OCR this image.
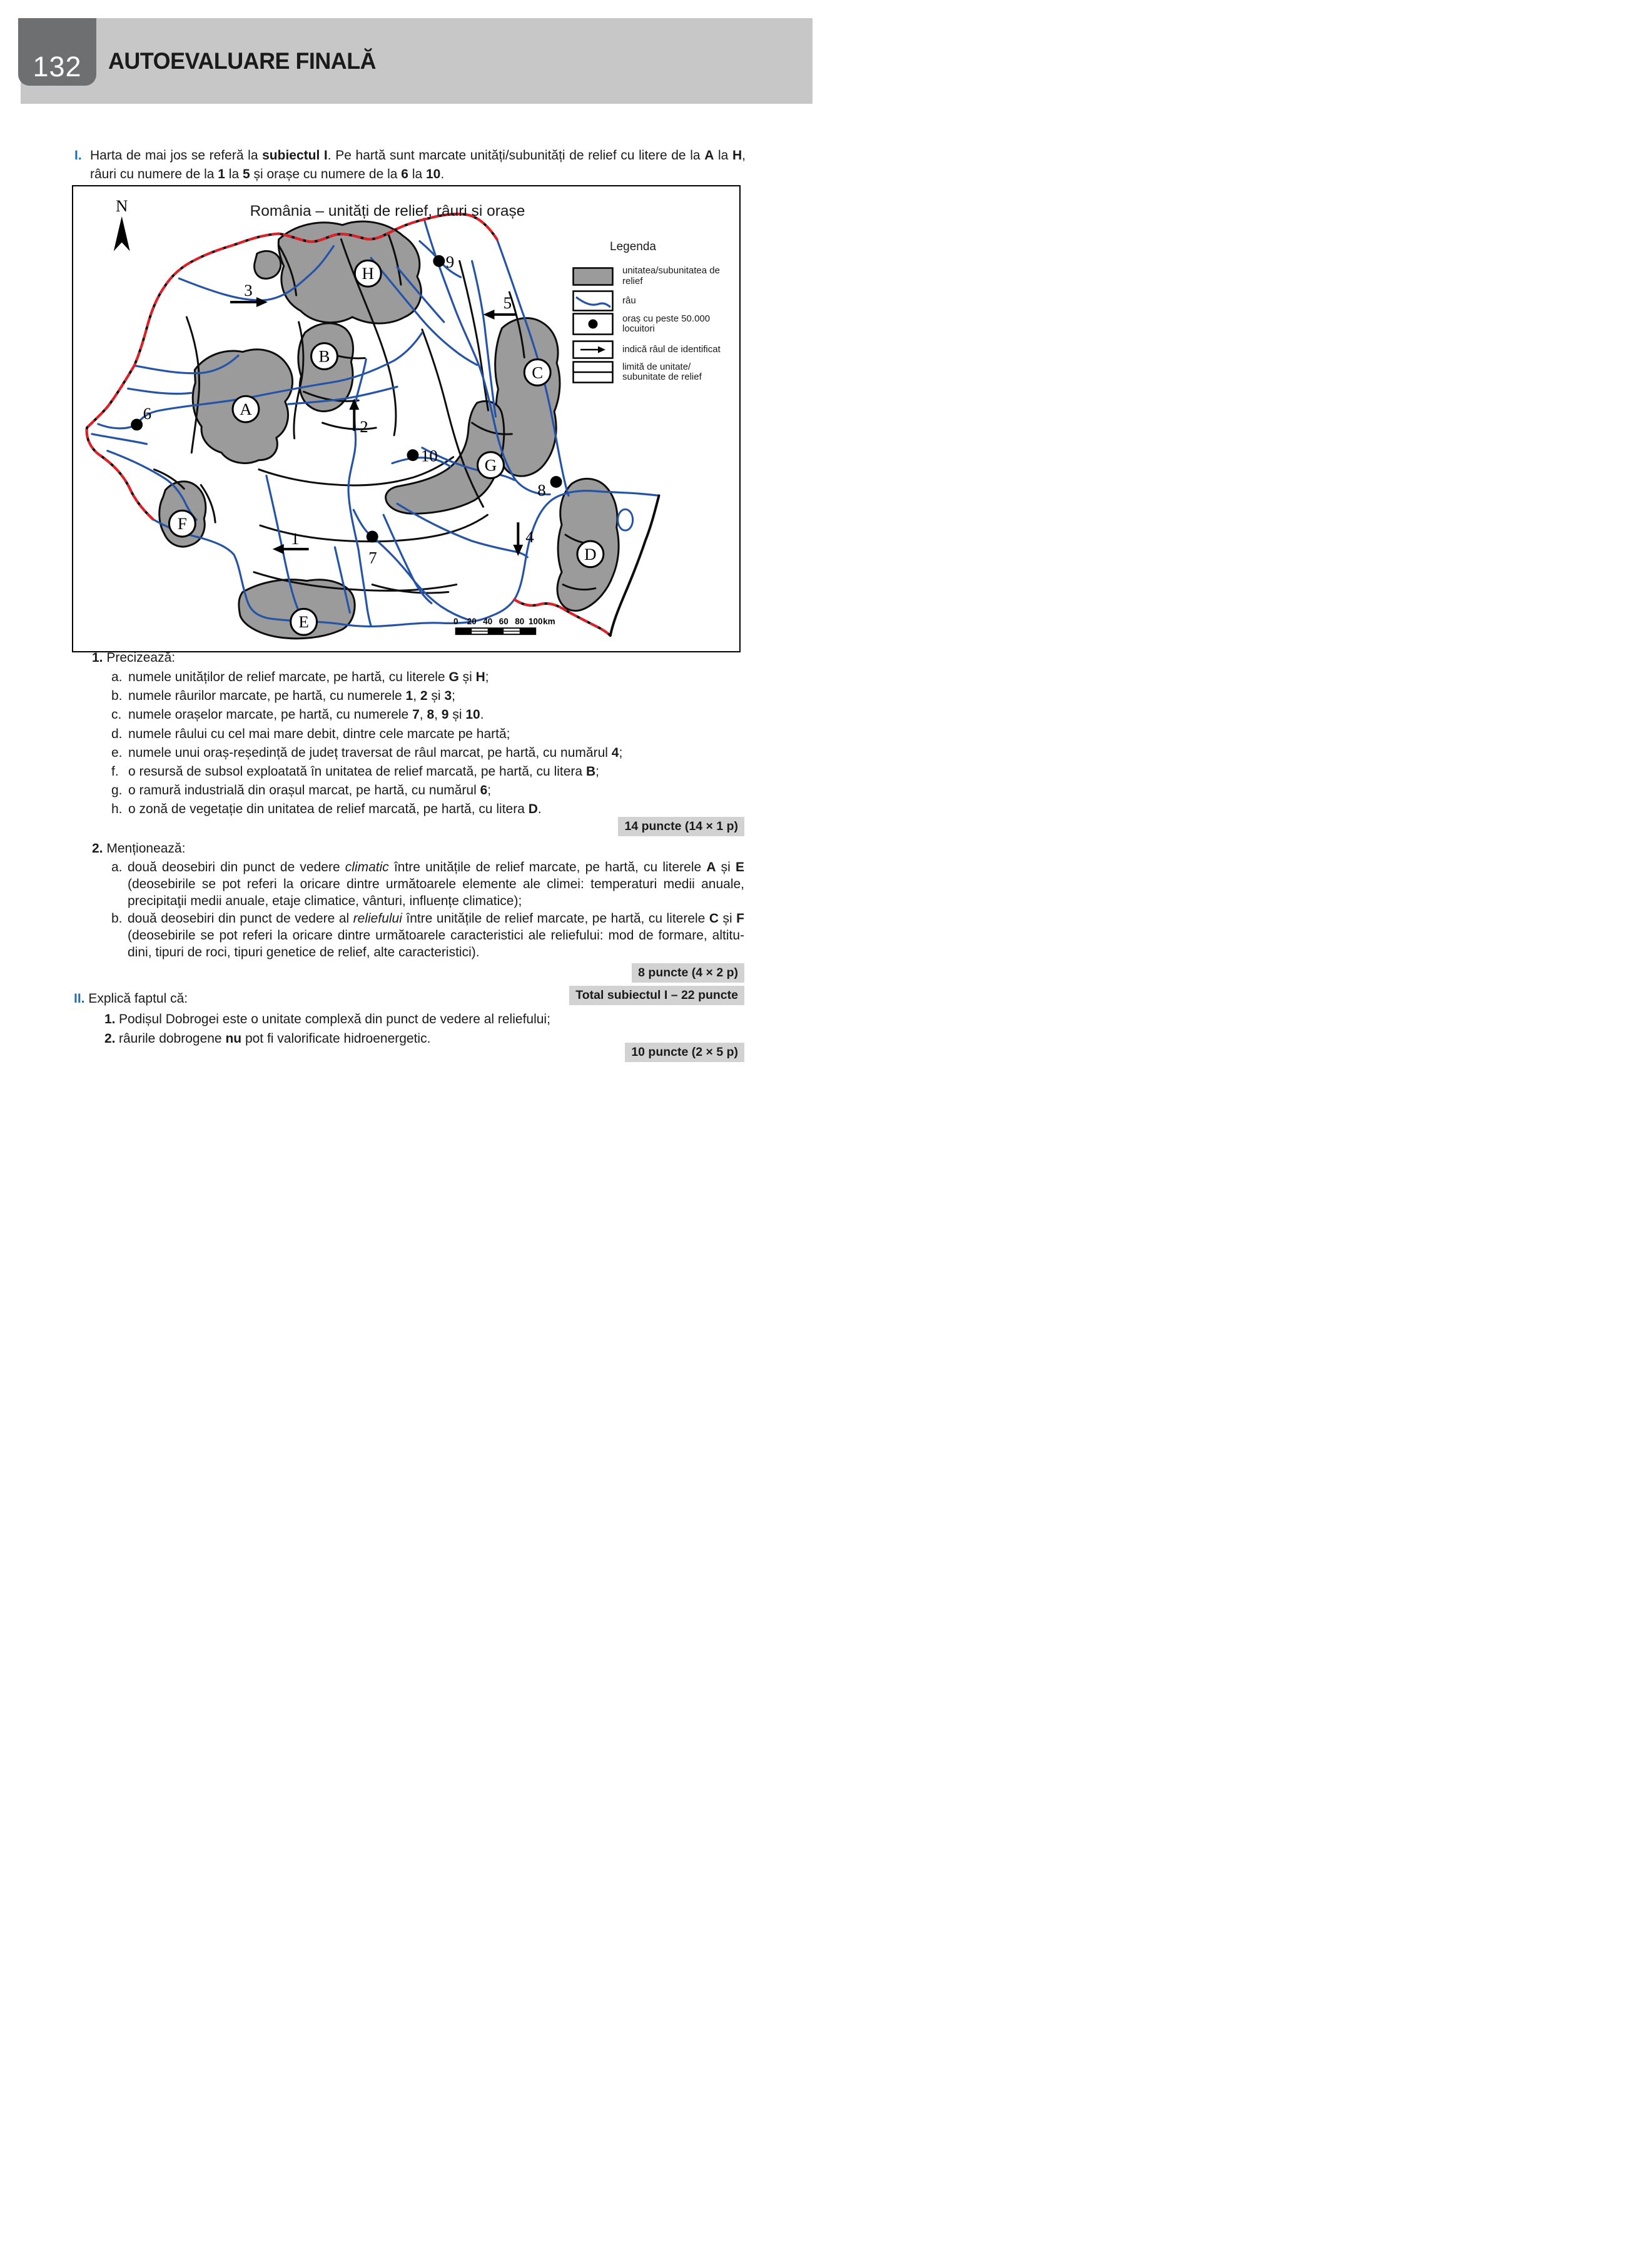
132 AUTOEVALUARE FINALĂ
I. Harta de mai jos se referă la subiectul I. Pe hartă sunt marcate unități/subunități de relief cu litere de la A la H,
râuri cu numere de la 1 la 5 și orașe cu numere de la 6 la 10.
N
1
2
3
4
5
6
7
8
9
10
A
B
C
D
E
F
G
H
0 20 40 60 80 100 km
România – unități de relief, râuri și orașe
Legenda
unitatea/subunitatea de relief
râu
oraș cu peste 50.000 locuitori
indică râul de identificat
limită de unitate/ subunitate de relief
1. Precizează:
a. numele unităților de relief marcate, pe hartă, cu literele G și H;
b. numele râurilor marcate, pe hartă, cu numerele 1, 2 și 3;
c. numele orașelor marcate, pe hartă, cu numerele 7, 8, 9 și 10.
d. numele râului cu cel mai mare debit, dintre cele marcate pe hartă;
e. numele unui oraș-reședință de județ traversat de râul marcat, pe hartă, cu numărul 4;
f. o resursă de subsol exploatată în unitatea de relief marcată, pe hartă, cu litera B;
g. o ramură industrială din orașul marcat, pe hartă, cu numărul 6;
h. o zonă de vegetație din unitatea de relief marcată, pe hartă, cu litera D.
14 puncte (14 × 1 p)
2. Menționează:
a. două deosebiri din punct de vedere climatic între unitățile de relief marcate, pe hartă, cu literele A și E
(deosebirile se pot referi la oricare dintre următoarele elemente ale climei: temperaturi medii anuale,
precipitaţii medii anuale, etaje climatice, vânturi, influențe climatice);
b. două deosebiri din punct de vedere al reliefului între unitățile de relief marcate, pe hartă, cu literele C și F
(deosebirile se pot referi la oricare dintre următoarele caracteristici ale reliefului: mod de formare, altitu-
dini, tipuri de roci, tipuri genetice de relief, alte caracteristici).
8 puncte (4 × 2 p)
Total subiectul I – 22 puncte
II. Explică faptul că:
1. Podișul Dobrogei este o unitate complexă din punct de vedere al reliefului;
2. râurile dobrogene nu pot fi valorificate hidroenergetic.
10 puncte (2 × 5 p)
